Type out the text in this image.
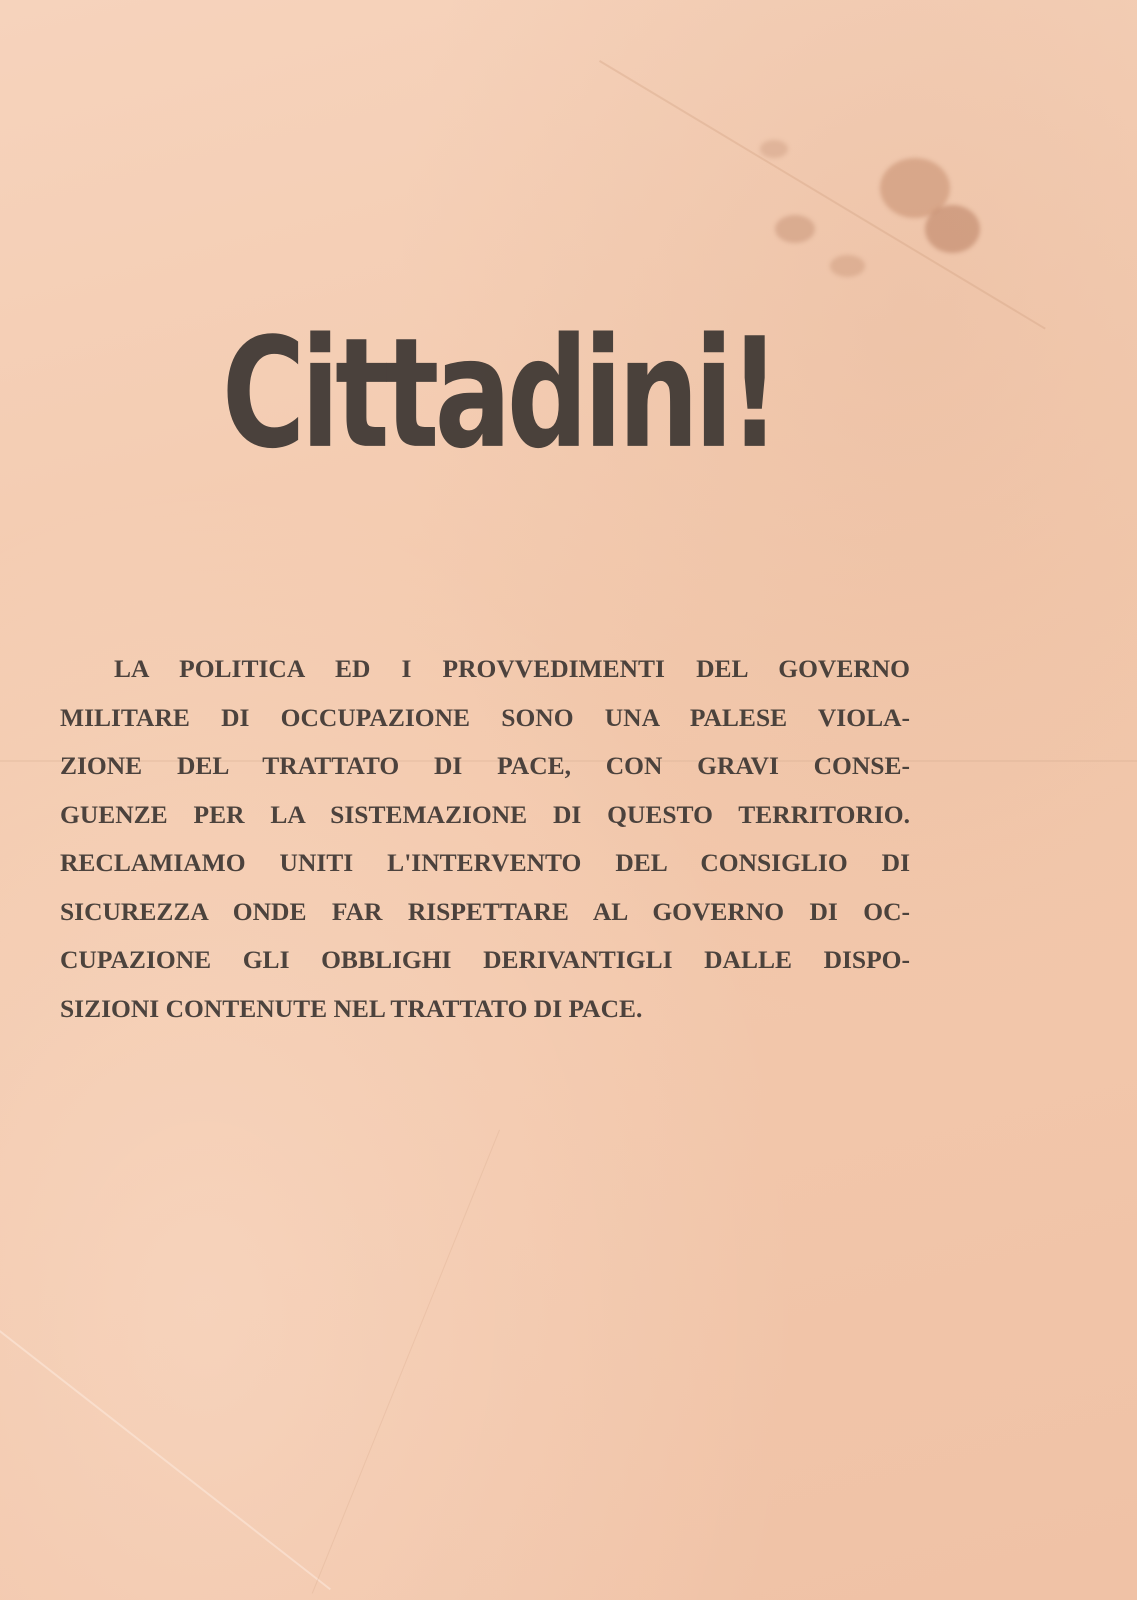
Cittadini!
LA POLITICA ED I PROVVEDIMENTI DEL GOVERNO
MILITARE DI OCCUPAZIONE SONO UNA PALESE VIOLA-
ZIONE DEL TRATTATO DI PACE, CON GRAVI CONSE-
GUENZE PER LA SISTEMAZIONE DI QUESTO TERRITORIO.
RECLAMIAMO UNITI L'INTERVENTO DEL CONSIGLIO DI
SICUREZZA ONDE FAR RISPETTARE AL GOVERNO DI OC-
CUPAZIONE GLI OBBLIGHI DERIVANTIGLI DALLE DISPO-
SIZIONI CONTENUTE NEL TRATTATO DI PACE.
